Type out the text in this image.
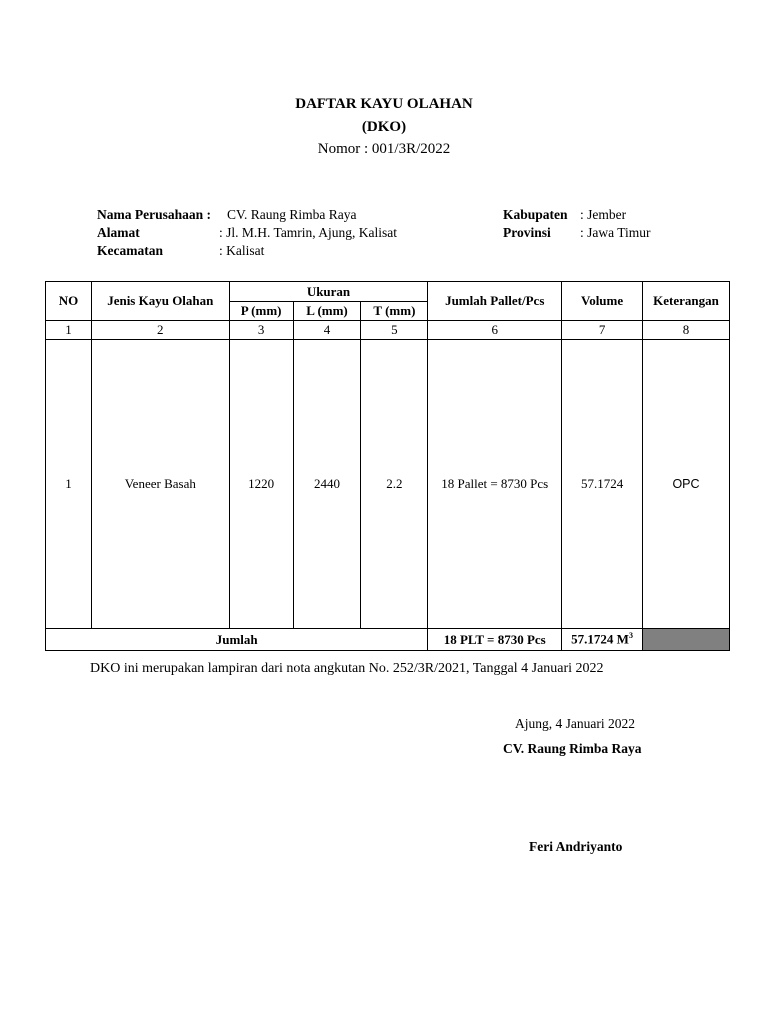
DAFTAR KAYU OLAHAN
(DKO)
Nomor : 001/3R/2022
Nama Perusahaan : CV. Raung Rimba Raya
Alamat	: Jl. M.H. Tamrin, Ajung, Kalisat
Kecamatan	: Kalisat
Kabupaten : Jember
Provinsi : Jawa Timur
NO	Jenis Kayu Olahan	Ukuran			Jumlah Pallet/Pcs	Volume	Keterangan
		P (mm)	L (mm)	T (mm)			
1	2	3	4	5	6	7	8
1	Veneer Basah	1220	2440	2.2	18 Pallet = 8730 Pcs	57.1724	OPC
Jumlah					18 PLT = 8730 Pcs	57.1724 $M^3$	
DKO ini merupakan lampiran dari nota angkutan No. 252/3R/2021, Tanggal 4 Januari 2022
Ajung, 4 Januari 2022
CV. Raung Rimba Raya
Feri Andriyanto
